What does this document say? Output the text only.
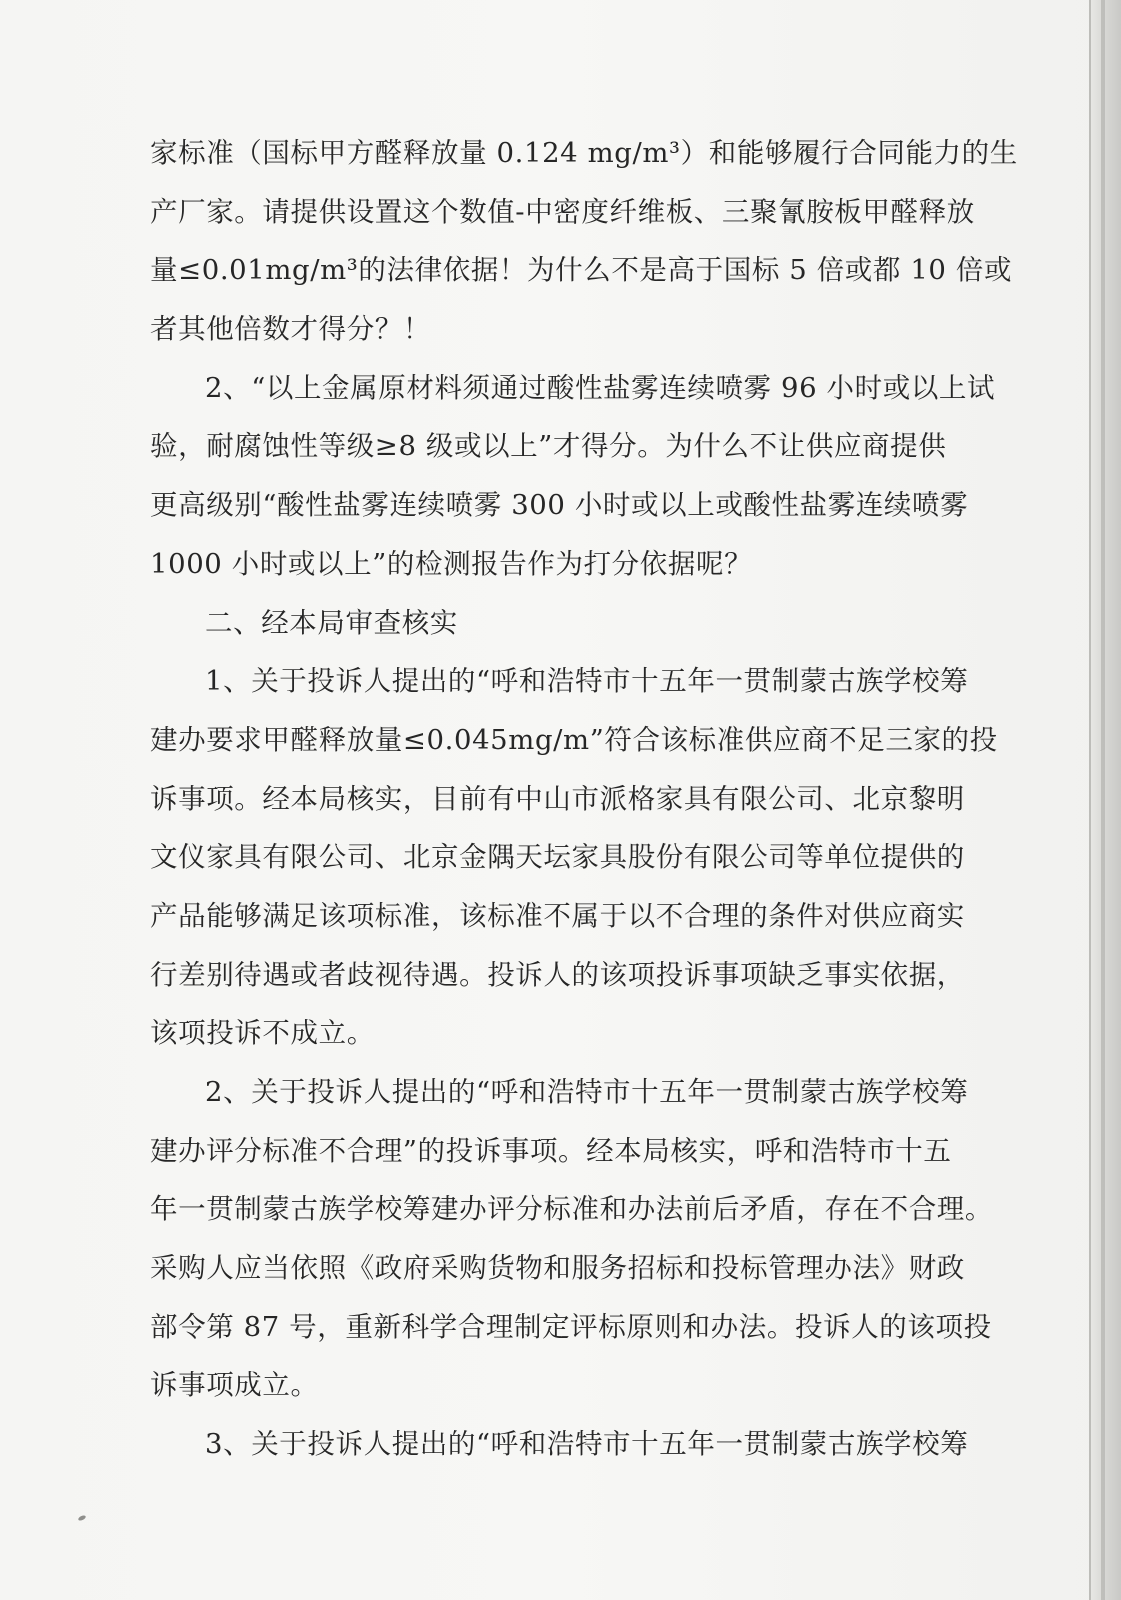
家标准（国标甲方醛释放量 0.124 mg/m³）和能够履行合同能力的生
产厂家。请提供设置这个数值-中密度纤维板、三聚氰胺板甲醛释放
量≤0.01mg/m³的法律依据！为什么不是高于国标 5 倍或都 10 倍或
者其他倍数才得分？！
2、“以上金属原材料须通过酸性盐雾连续喷雾 96 小时或以上试
验，耐腐蚀性等级≥8 级或以上”才得分。为什么不让供应商提供
更高级别“酸性盐雾连续喷雾 300 小时或以上或酸性盐雾连续喷雾
1000 小时或以上”的检测报告作为打分依据呢？
二、经本局审查核实
1、关于投诉人提出的“呼和浩特市十五年一贯制蒙古族学校筹
建办要求甲醛释放量≤0.045mg/m”符合该标准供应商不足三家的投
诉事项。经本局核实，目前有中山市派格家具有限公司、北京黎明
文仪家具有限公司、北京金隅天坛家具股份有限公司等单位提供的
产品能够满足该项标准，该标准不属于以不合理的条件对供应商实
行差别待遇或者歧视待遇。投诉人的该项投诉事项缺乏事实依据，
该项投诉不成立。
2、关于投诉人提出的“呼和浩特市十五年一贯制蒙古族学校筹
建办评分标准不合理”的投诉事项。经本局核实，呼和浩特市十五
年一贯制蒙古族学校筹建办评分标准和办法前后矛盾，存在不合理。
采购人应当依照《政府采购货物和服务招标和投标管理办法》财政
部令第 87 号，重新科学合理制定评标原则和办法。投诉人的该项投
诉事项成立。
3、关于投诉人提出的“呼和浩特市十五年一贯制蒙古族学校筹
